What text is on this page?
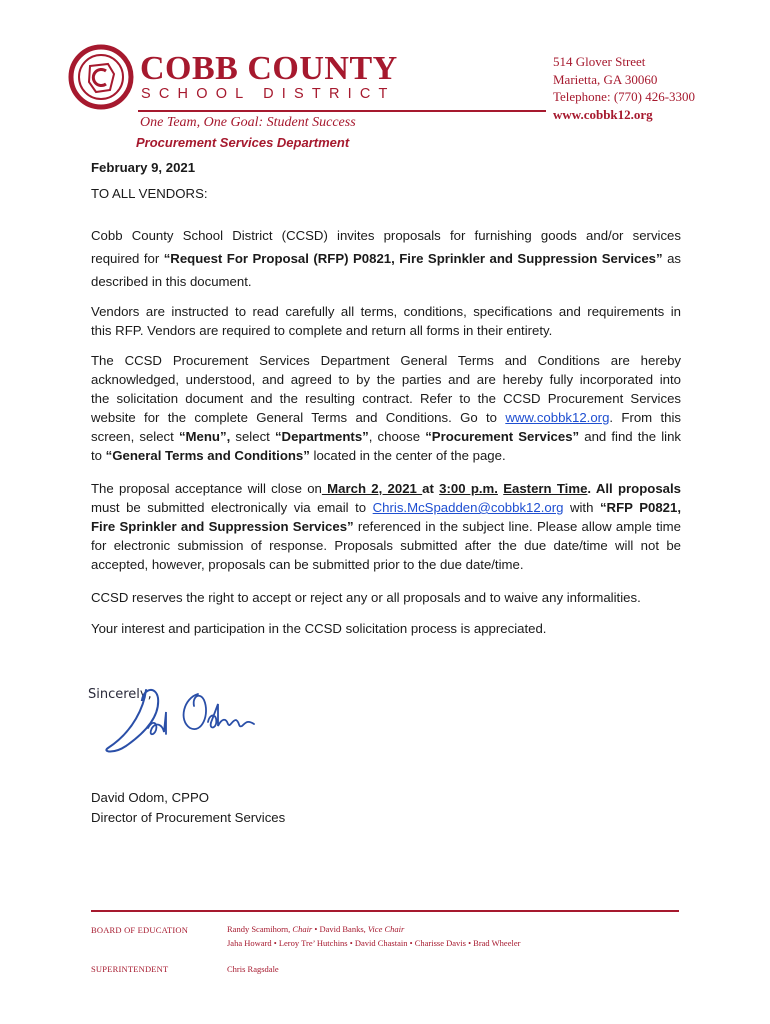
COBB COUNTY
SCHOOL DISTRICT
One Team, One Goal: Student Success
Procurement Services Department
514 Glover Street
Marietta, GA 30060
Telephone: (770) 426-3300
www.cobbk12.org
February 9, 2021
TO ALL VENDORS:
Cobb County School District (CCSD) invites proposals for furnishing goods and/or services
required for “Request For Proposal (RFP) P0821, Fire Sprinkler and Suppression Services” as
described in this document.
Vendors are instructed to read carefully all terms, conditions, specifications and requirements in
this RFP. Vendors are required to complete and return all forms in their entirety.
The CCSD Procurement Services Department General Terms and Conditions are hereby
acknowledged, understood, and agreed to by the parties and are hereby fully incorporated into
the solicitation document and the resulting contract. Refer to the CCSD Procurement Services
website for the complete General Terms and Conditions. Go to www.cobbk12.org. From this
screen, select “Menu”, select “Departments”, choose “Procurement Services” and find the link
to “General Terms and Conditions” located in the center of the page.
The proposal acceptance will close on March 2, 2021 at 3:00 p.m. Eastern Time. All proposals
must be submitted electronically via email to Chris.McSpadden@cobbk12.org with “RFP P0821,
Fire Sprinkler and Suppression Services” referenced in the subject line. Please allow ample time
for electronic submission of response. Proposals submitted after the due date/time will not be
accepted, however, proposals can be submitted prior to the due date/time.
CCSD reserves the right to accept or reject any or all proposals and to waive any informalities.
Your interest and participation in the CCSD solicitation process is appreciated.
Sincerely,
David Odom, CPPO
Director of Procurement Services
BOARD OF EDUCATION	Randy Scamihorn, Chair • David Banks, Vice Chair
Jaha Howard • Leroy Tre’ Hutchins • David Chastain • Charisse Davis • Brad Wheeler
SUPERINTENDENT	Chris Ragsdale
